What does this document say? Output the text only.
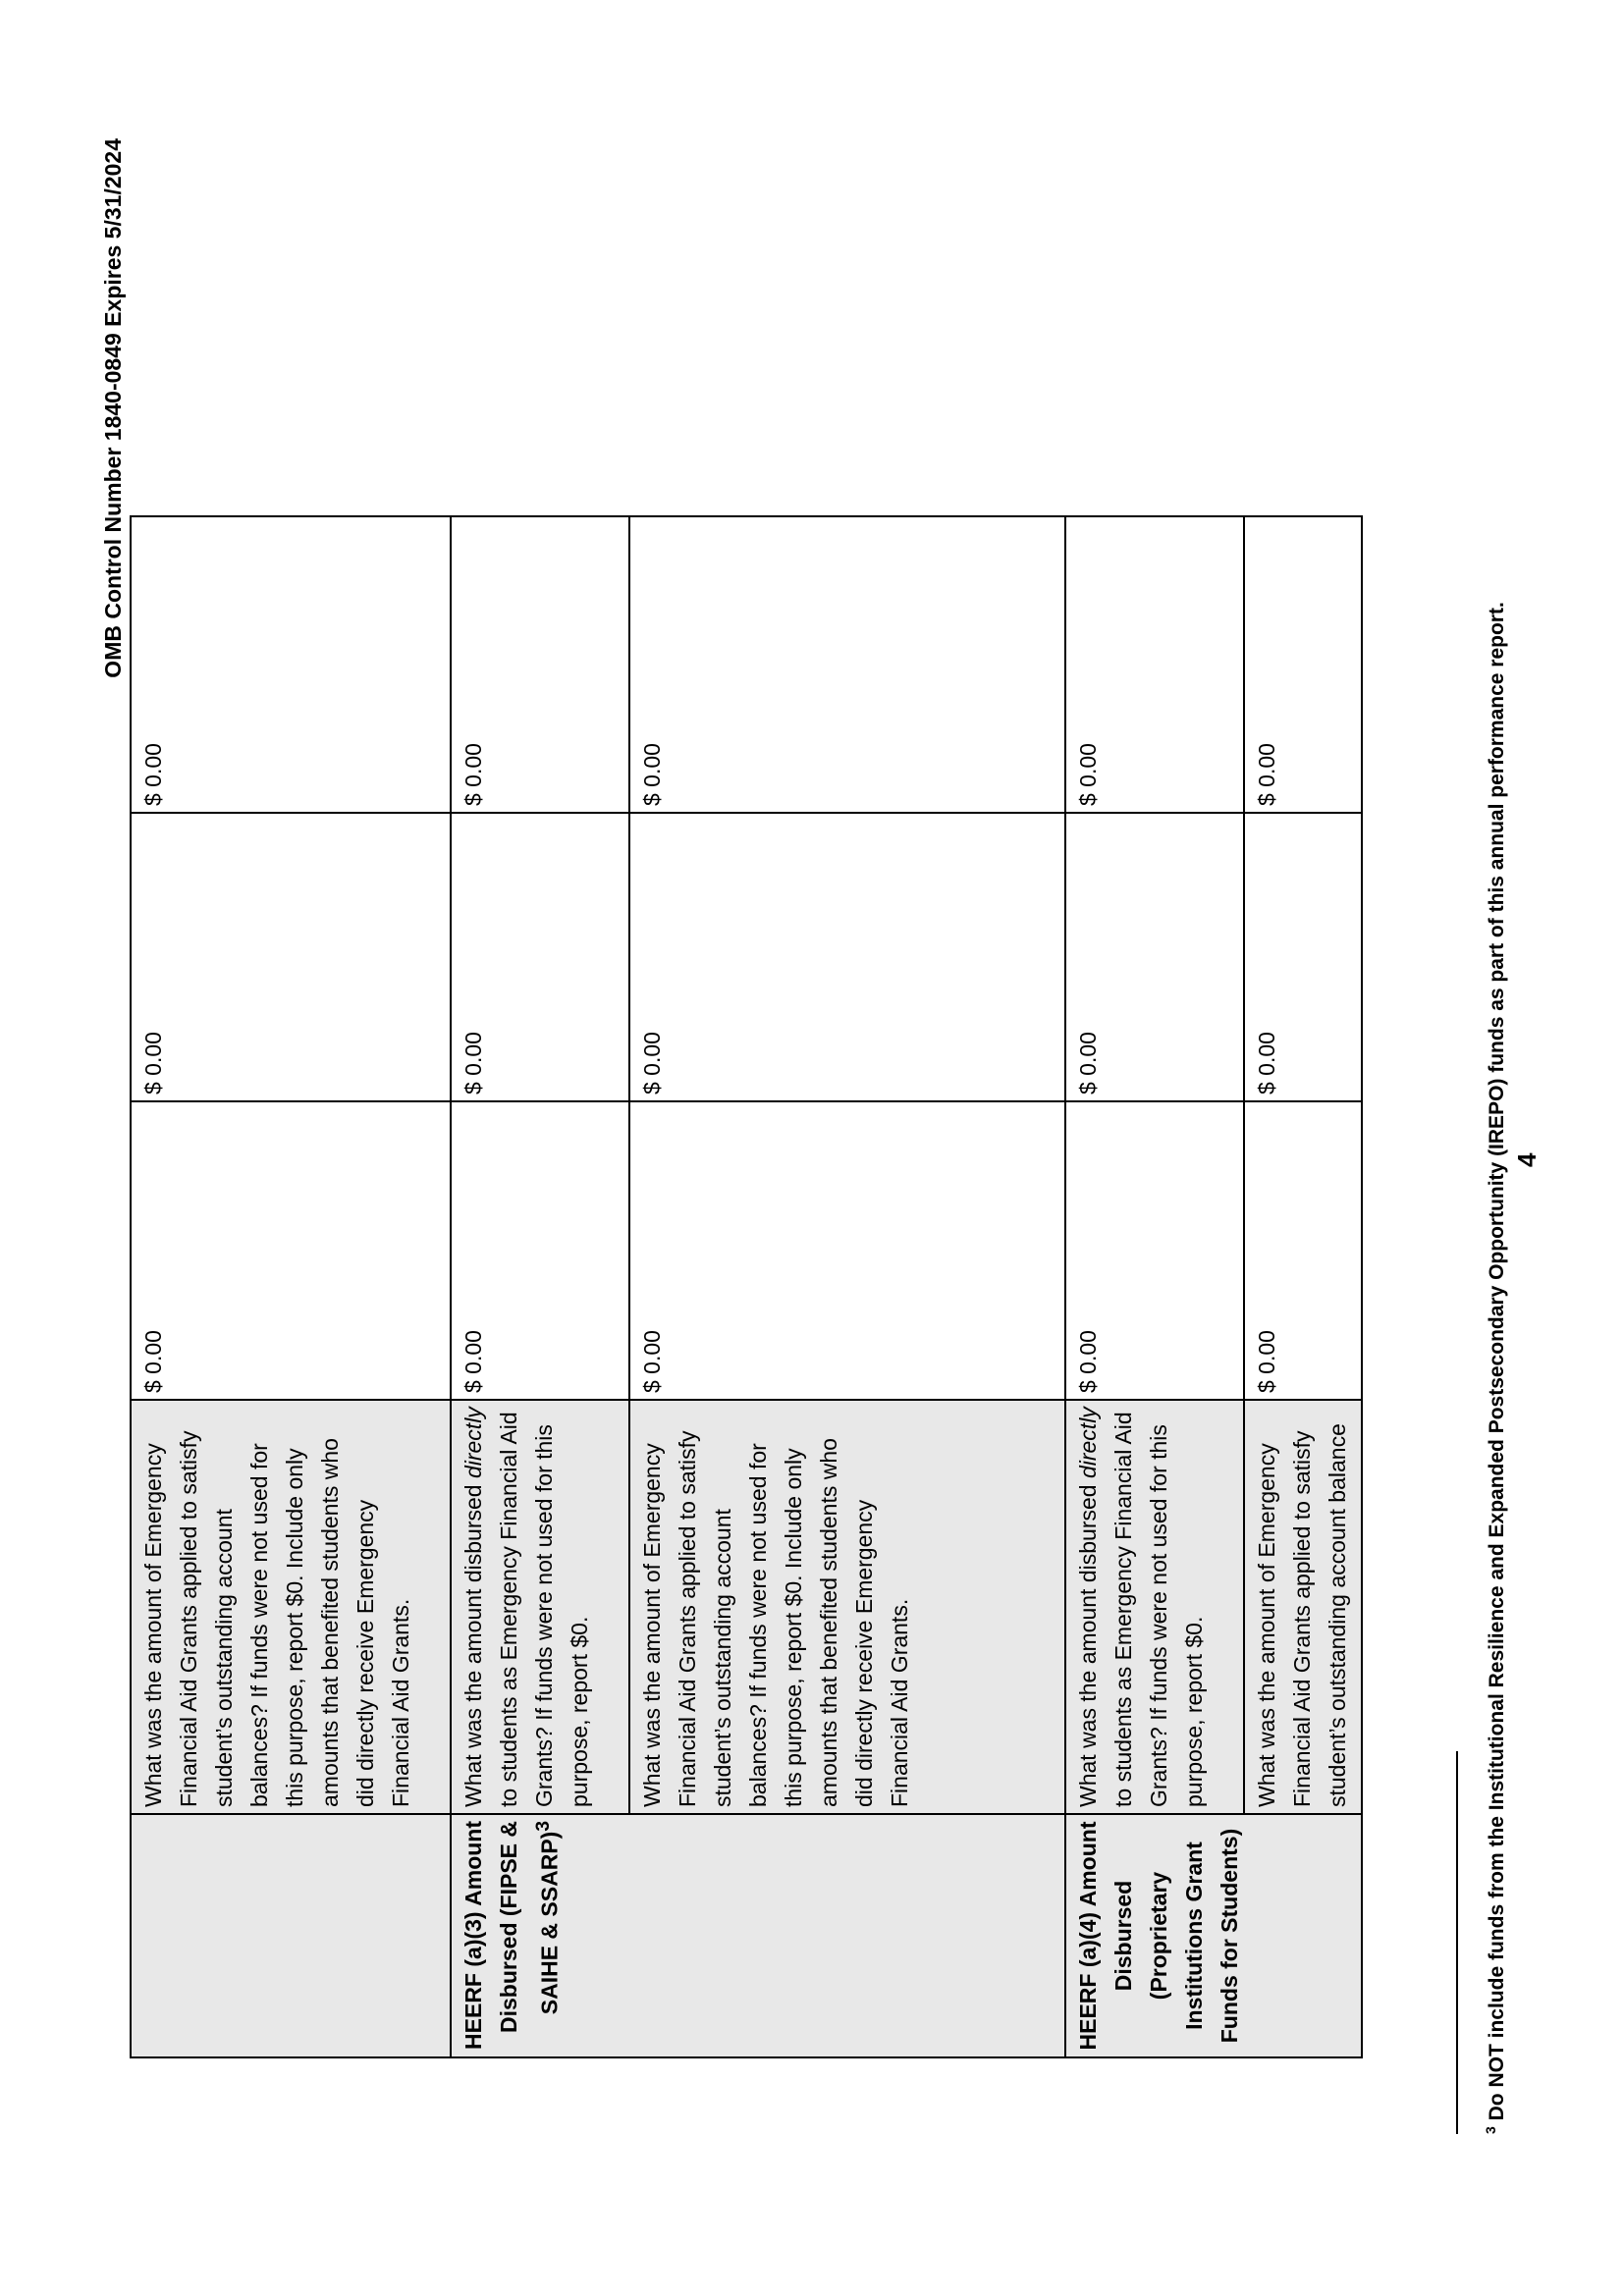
OMB Control Number 1840-0849 Expires 5/31/2024
	What was the amount of Emergency Financial Aid Grants applied to satisfy student’s outstanding account balances? If funds were not used for this purpose, report $0. Include only amounts that benefited students who did directly receive Emergency Financial Aid Grants.	$ 0.00	$ 0.00	$ 0.00	
HEERF (a)(3) Amount Disbursed (FIPSE & SAIHE & SSARP)$^3$	What was the amount disbursed directly to students as Emergency Financial Aid Grants? If funds were not used for this purpose, report $0.	$ 0.00	$ 0.00	$ 0.00	
	What was the amount of Emergency Financial Aid Grants applied to satisfy student’s outstanding account balances? If funds were not used for this purpose, report $0. Include only amounts that benefited students who did directly receive Emergency Financial Aid Grants.	$ 0.00	$ 0.00	$ 0.00	
HEERF (a)(4) Amount Disbursed (Proprietary Institutions Grant Funds for Students)	What was the amount disbursed directly to students as Emergency Financial Aid Grants? If funds were not used for this purpose, report $0.	$ 0.00	$ 0.00	$ 0.00	
	What was the amount of Emergency Financial Aid Grants applied to satisfy student’s outstanding account balance	$ 0.00	$ 0.00	$ 0.00	
$^3$ Do NOT include funds from the Institutional Resilience and Expanded Postsecondary Opportunity (IREPO) funds as part of this annual performance report. 4
